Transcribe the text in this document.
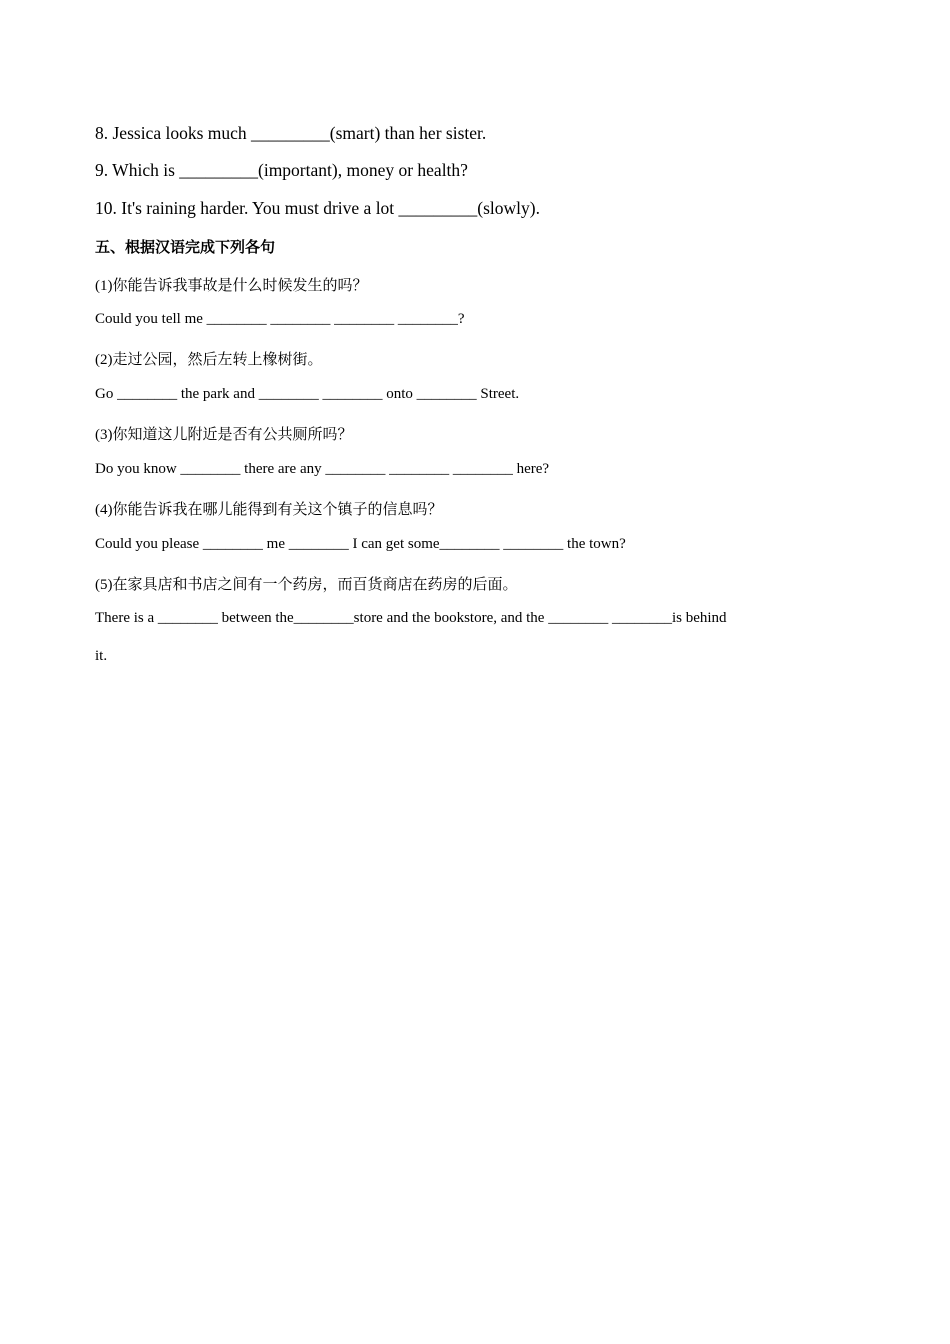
8. Jessica looks much _________(smart) than her sister.

9. Which is _________(important), money or health?

10. It's raining harder. You must drive a lot _________(slowly).

五、根据汉语完成下列各句

(1)你能告诉我事故是什么时候发生的吗？

Could you tell me ________ ________ ________ ________?

(2)走过公园，然后左转上橡树街。

Go ________ the park and ________ ________ onto ________ Street.

(3)你知道这儿附近是否有公共厕所吗？

Do you know ________ there are any ________ ________ ________ here?

(4)你能告诉我在哪儿能得到有关这个镇子的信息吗？

Could you please ________ me ________ I can get some________ ________ the town?

(5)在家具店和书店之间有一个药房，而百货商店在药房的后面。

There is a ________ between the________store and the bookstore, and the ________ ________is behind

it.
